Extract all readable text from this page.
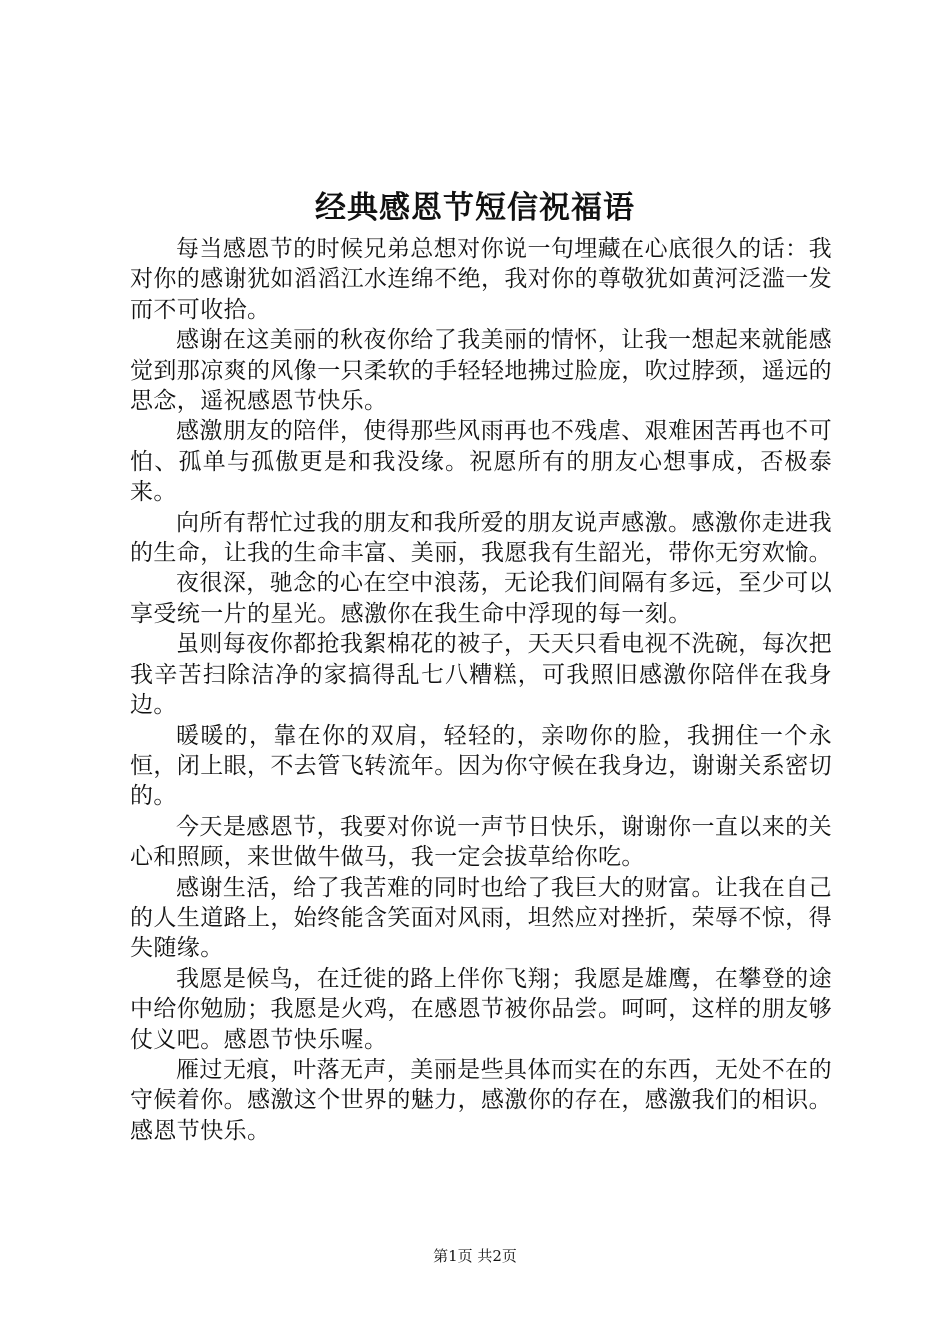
经典感恩节短信祝福语

每当感恩节的时候兄弟总想对你说一句埋藏在心底很久的话：我对你的感谢犹如滔滔江水连绵不绝，我对你的尊敬犹如黄河泛滥一发而不可收拾。

感谢在这美丽的秋夜你给了我美丽的情怀，让我一想起来就能感觉到那凉爽的风像一只柔软的手轻轻地拂过脸庞，吹过脖颈，遥远的思念，遥祝感恩节快乐。

感激朋友的陪伴，使得那些风雨再也不残虐、艰难困苦再也不可怕、孤单与孤傲更是和我没缘。祝愿所有的朋友心想事成，否极泰来。

向所有帮忙过我的朋友和我所爱的朋友说声感激。感激你走进我的生命，让我的生命丰富、美丽，我愿我有生韶光，带你无穷欢愉。

夜很深，驰念的心在空中浪荡，无论我们间隔有多远，至少可以享受统一片的星光。感激你在我生命中浮现的每一刻。

虽则每夜你都抢我絮棉花的被子，天天只看电视不洗碗，每次把我辛苦扫除洁净的家搞得乱七八糟糕，可我照旧感激你陪伴在我身边。

暖暖的，靠在你的双肩，轻轻的，亲吻你的脸，我拥住一个永恒，闭上眼，不去管飞转流年。因为你守候在我身边，谢谢关系密切的。

今天是感恩节，我要对你说一声节日快乐，谢谢你一直以来的关心和照顾，来世做牛做马，我一定会拔草给你吃。

感谢生活，给了我苦难的同时也给了我巨大的财富。让我在自己的人生道路上，始终能含笑面对风雨，坦然应对挫折，荣辱不惊，得失随缘。

我愿是候鸟，在迁徙的路上伴你飞翔；我愿是雄鹰，在攀登的途中给你勉励；我愿是火鸡，在感恩节被你品尝。呵呵，这样的朋友够仗义吧。感恩节快乐喔。

雁过无痕，叶落无声，美丽是些具体而实在的东西，无处不在的守候着你。感激这个世界的魅力，感激你的存在，感激我们的相识。感恩节快乐。

第1页 共2页
